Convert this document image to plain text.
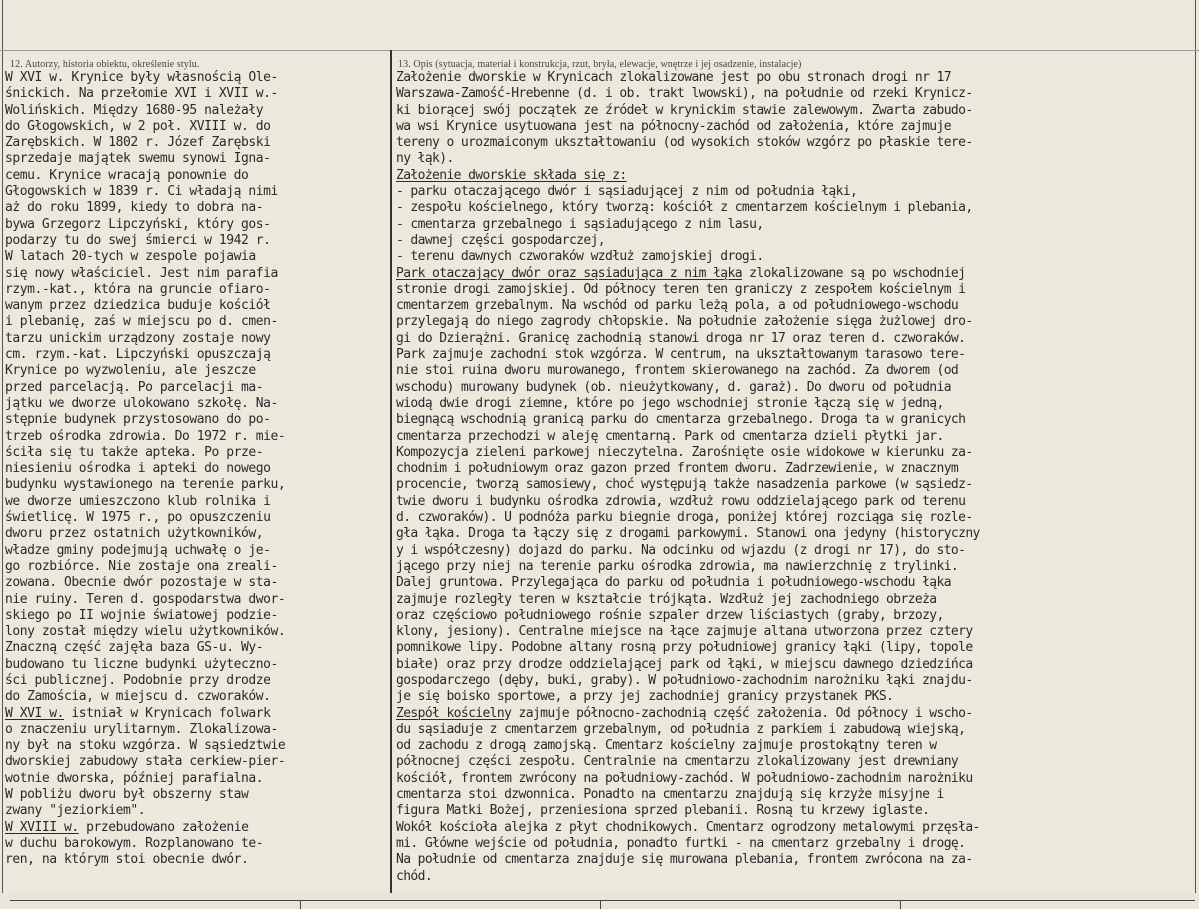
12. Autorzy, historia obiektu, określenie stylu.	13. Opis (sytuacja, materiał i konstrukcja, rzut, bryła, elewacje, wnętrze i jej osadzenie, instalacje)
W XVI w. Krynice były własnością Ole-
śnickich. Na przełomie XVI i XVII w.-
Wolińskich. Między 1680-95 należały
do Głogowskich, w 2 poł. XVIII w. do
Zarębskich. W 1802 r. Józef Zarębski
sprzedaje majątek swemu synowi Ignа-
cemu. Krynice wracają ponownie do
Głogowskich w 1839 r. Ci władają nimi
aż do roku 1899, kiedy to dobra na-
bywa Grzegorz Lipczyński, który gos-
podarzy tu do swej śmierci w 1942 r.
W latach 20-tych w zespole pojawia
się nowy właściciel. Jest nim parafia
rzym.-kat., która na gruncie ofiaro-
wanym przez dziedzica buduje kościół
i plebanię, zaś w miejscu po d. cmen-
tarzu unickim urządzony zostaje nowy
cm. rzym.-kat. Lipczyński opuszczają
Krynice po wyzwoleniu, ale jeszcze
przed parcelacją. Po parcelacji ma-
jątku we dworze ulokowano szkołę. Na-
stępnie budynek przystosowano do po-
trzeb ośrodka zdrowia. Do 1972 r. mie-
ściła się tu także apteka. Po prze-
niesieniu ośrodka i apteki do nowego
budynku wystawionego na terenie parku,
we dworze umieszczono klub rolnika i
świetlicę. W 1975 r., po opuszczeniu
dworu przez ostatnich użytkowników,
władze gminy podejmują uchwałę o je-
go rozbiórce. Nie zostaje ona zreali-
zowana. Obecnie dwór pozostaje w sta-
nie ruiny. Teren d. gospodarstwa dwor-
skiego po II wojnie światowej podzie-
lony został między wielu użytkowników.
Znaczną część zajęła baza GS-u. Wy-
budowano tu liczne budynki użyteczno-
ści publicznej. Podobnie przy drodze
do Zamościa, w miejscu d. czworaków.
W XVI w. istniał w Krynicach folwark
o znaczeniu urylitarnym. Zlokalizowa-
ny był na stoku wzgórza. W sąsiedztwie
dworskiej zabudowy stała cerkiew-pier-
wotnie dworska, później parafialna.
W pobliżu dworu był obszerny staw
zwany "jeziorkiem".
W XVIII w. przebudowano założenie
w duchu barokowym. Rozplanowano te-
ren, na którym stoi obecnie dwór.
Założenie dworskie w Krynicach zlokalizowane jest po obu stronach drogi nr 17
Warszawa-Zamość-Hrebenne (d. i ob. trakt lwowski), na południe od rzeki Krynicz-
ki biorącej swój początek ze źródeł w krynickim stawie zalewowym. Zwarta zabudo-
wa wsi Krynice usytuowana jest na północny-zachód od założenia, które zajmuje
tereny o urozmaiconym ukształtowaniu (od wysokich stoków wzgórz po płaskie tere-
ny łąk).
Założenie dworskie składa się z:
- parku otaczającego dwór i sąsiadującej z nim od południa łąki,
- zespołu kościelnego, który tworzą: kościół z cmentarzem kościelnym i plebania,
- cmentarza grzebalnego i sąsiadującego z nim lasu,
- dawnej części gospodarczej,
- terenu dawnych czworaków wzdłuż zamojskiej drogi.
Park otaczający dwór oraz sąsiadująca z nim łąka zlokalizowane są po wschodniej
stronie drogi zamojskiej. Od północy teren ten graniczy z zespołem kościelnym i
cmentarzem grzebalnym. Na wschód od parku leżą pola, a od południowego-wschodu
przylegają do niego zagrody chłopskie. Na południe założenie sięga żużlowej dro-
gi do Dzierążni. Granicę zachodnią stanowi droga nr 17 oraz teren d. czworaków.
Park zajmuje zachodni stok wzgórza. W centrum, na ukształtowanym tarasowo tere-
nie stoi ruina dworu murowanego, frontem skierowanego na zachód. Za dworem (od
wschodu) murowany budynek (ob. nieużytkowany, d. garaż). Do dworu od południa
wiodą dwie drogi ziemne, które po jego wschodniej stronie łączą się w jedną,
biegnącą wschodnią granicą parku do cmentarza grzebalnego. Droga ta w granicych
cmentarza przechodzi w aleję cmentarną. Park od cmentarza dzieli płytki jar.
Kompozycja zieleni parkowej nieczytelna. Zarośnięte osie widokowe w kierunku za-
chodnim i południowym oraz gazon przed frontem dworu. Zadrzewienie, w znacznym
procencie, tworzą samosiewy, choć występują także nasadzenia parkowe (w sąsiedz-
twie dworu i budynku ośrodka zdrowia, wzdłuż rowu oddzielającego park od terenu
d. czworaków). U podnóża parku biegnie droga, poniżej której rozciąga się rozle-
gła łąka. Droga ta łączy się z drogami parkowymi. Stanowi ona jedyny (historyczny
y i współczesny) dojazd do parku. Na odcinku od wjazdu (z drogi nr 17), do sto-
jącego przy niej na terenie parku ośrodka zdrowia, ma nawierzchnię z trylinki.
Dalej gruntowa. Przylegająca do parku od południa i południowego-wschodu łąka
zajmuje rozległy teren w kształcie trójkąta. Wzdłuż jej zachodniego obrzeża
oraz częściowo południowego rośnie szpaler drzew liściastych (graby, brzozy,
klony, jesiony). Centralne miejsce na łące zajmuje altana utworzona przez cztery
pomnikowe lipy. Podobne altany rosną przy południowej granicy łąki (lipy, topole
białe) oraz przy drodze oddzielającej park od łąki, w miejscu dawnego dziedzińca
gospodarczego (dęby, buki, graby). W południowo-zachodnim narożniku łąki znajdu-
je się boisko sportowe, a przy jej zachodniej granicy przystanek PKS.
Zespół kościelny zajmuje północno-zachodnią część założenia. Od północy i wscho-
du sąsiaduje z cmentarzem grzebalnym, od południa z parkiem i zabudową wiejską,
od zachodu z drogą zamojską. Cmentarz kościelny zajmuje prostokątny teren w
północnej części zespołu. Centralnie na cmentarzu zlokalizowany jest drewniany
kościół, frontem zwrócony na południowy-zachód. W południowo-zachodnim narożniku
cmentarza stoi dzwonnica. Ponadto na cmentarzu znajdują się krzyże misyjne i
figura Matki Bożej, przeniesiona sprzed plebanii. Rosną tu krzewy iglaste.
Wokół kościoła alejka z płyt chodnikowych. Cmentarz ogrodzony metalowymi przęsła-
mi. Główne wejście od południa, ponadto furtki - na cmentarz grzebalny i drogę.
Na południe od cmentarza znajduje się murowana plebania, frontem zwrócona na za-
chód.
